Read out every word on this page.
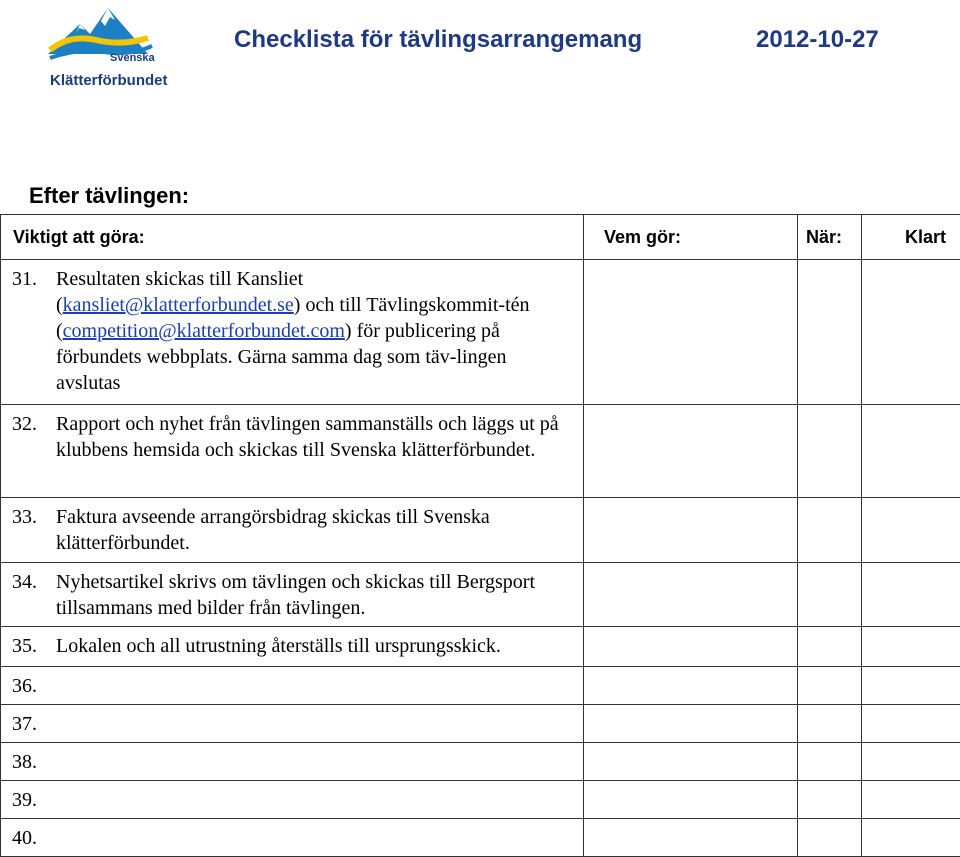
Svenska
Klätterförbundet
Checklista för tävlingsarrangemang	2012-10-27
Efter tävlingen:
Viktigt att göra:	Vem gör:	När:	Klart

31. Resultaten skickas till Kansliet (kansliet@klatterforbundet.se) och till Tävlingskommit-tén (competition@klatterforbundet.com) för publicering på förbundets webbplats. Gärna samma dag som täv-lingen avslutas			

32. Rapport och nyhet från tävlingen sammanställs och läggs ut på klubbens hemsida och skickas till Svenska klätterförbundet.			

33. Faktura avseende arrangörsbidrag skickas till Svenska klätterförbundet.			

34. Nyhetsartikel skrivs om tävlingen och skickas till Bergsport tillsammans med bilder från tävlingen.			

35. Lokalen och all utrustning återställs till ursprungsskick.			

36.			

37.			

38.			

39.			

40.			
